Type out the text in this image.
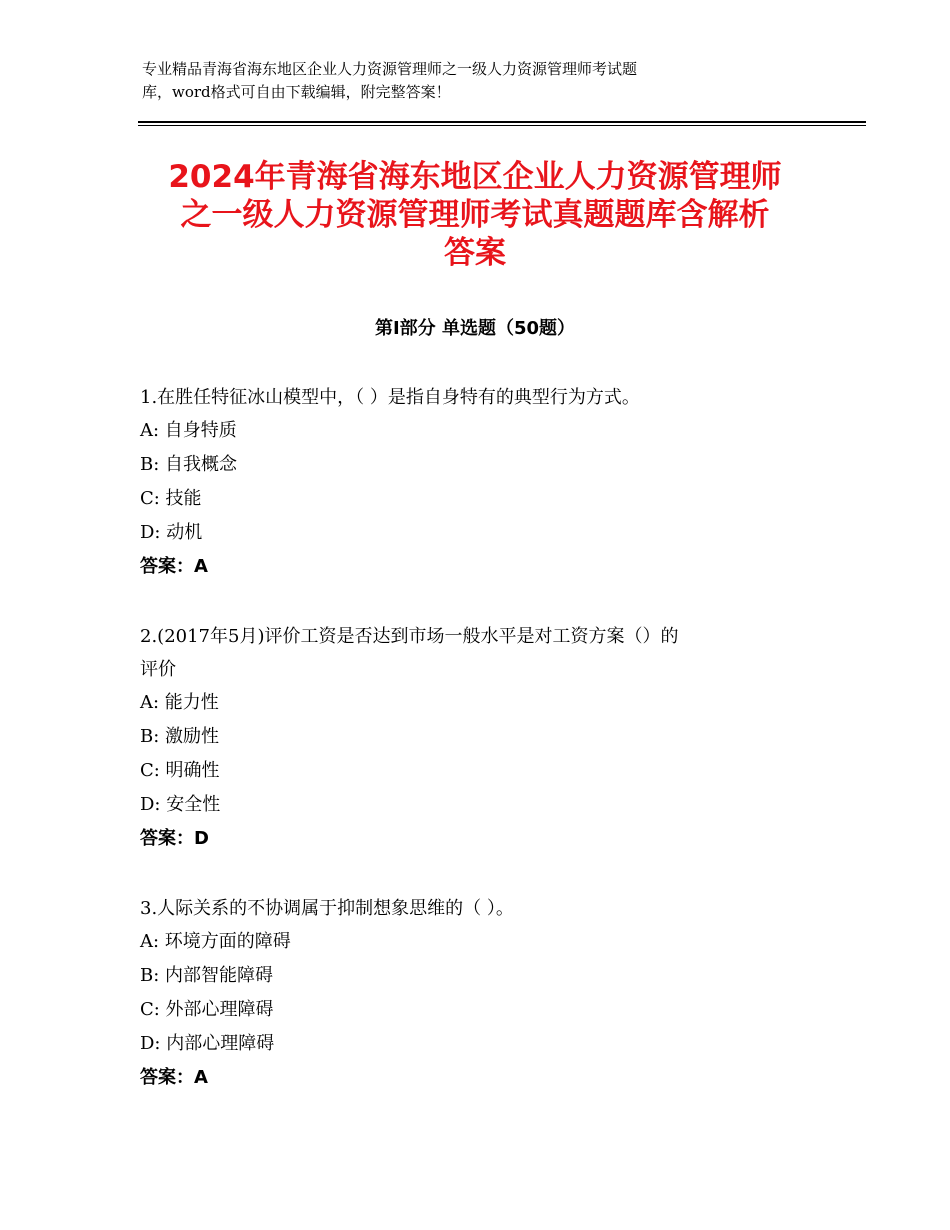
专业精品青海省海东地区企业人力资源管理师之一级人力资源管理师考试题
库，word格式可自由下载编辑，附完整答案！
2024年青海省海东地区企业人力资源管理师
之一级人力资源管理师考试真题题库含解析
答案
第Ⅰ部分 单选题（50题）

1.在胜任特征冰山模型中，（ ）是指自身特有的典型行为方式。

A: 自身特质

B: 自我概念

C: 技能

D: 动机

答案：A

2.(2017年5月)评价工资是否达到市场一般水平是对工资方案（）的

评价

A: 能力性

B: 激励性

C: 明确性

D: 安全性

答案：D

3.人际关系的不协调属于抑制想象思维的（ ）。

A: 环境方面的障碍

B: 内部智能障碍

C: 外部心理障碍

D: 内部心理障碍

答案：A
